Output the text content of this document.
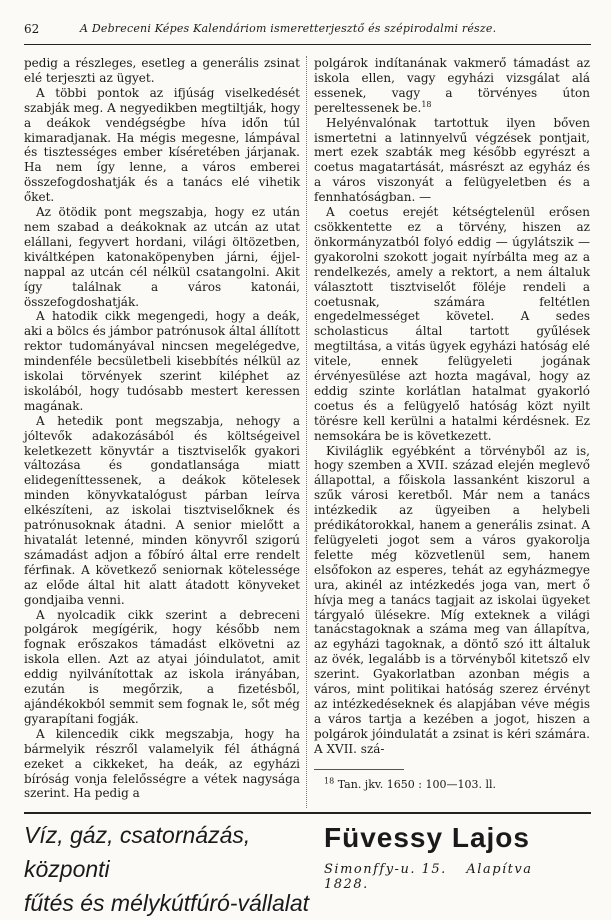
62	A Debreceni Képes Kalendáriom ismeretterjesztő és szépirodalmi része.

pedig a részleges, esetleg a generális zsinat elé terjeszti az ügyet.

A többi pontok az ifjúság viselkedését szabják meg. A negyedikben megtiltják, hogy a deákok vendégségbe híva időn túl kimaradjanak. Ha mégis megesne, lámpával és tisztességes ember kíséretében járjanak. Ha nem így lenne, a város emberei összefogdoshatják és a tanács elé vihetik őket.

Az ötödik pont megszabja, hogy ez után nem szabad a deákoknak az utcán az utat elállani, fegyvert hordani, világi öltözetben, kiváltképen katonaköpenyben járni, éjjel-nappal az utcán cél nélkül csatangolni. Akit így találnak a város katonái, összefogdoshatják.

A hatodik cikk megengedi, hogy a deák, aki a bölcs és jámbor patrónusok által állított rektor tudományával nincsen megelégedve, mindenféle becsületbeli kisebbítés nélkül az iskolai törvények szerint kiléphet az iskolából, hogy tudósabb mestert keressen magának.

A hetedik pont megszabja, nehogy a jóltevők adakozásából és költségeivel keletkezett könyvtár a tisztviselők gyakori változása és gondatlansága miatt elidegeníttessenek, a deákok kötelesek minden könyvkatalógust párban leírva elkészíteni, az iskolai tisztviselőknek és patrónusoknak átadni. A senior mielőtt a hivatalát letenné, minden könyvről szigorú számadást adjon a főbíró által erre rendelt férfinak. A következő seniornak kötelessége az előde által hit alatt átadott könyveket gondjaiba venni.

A nyolcadik cikk szerint a debreceni polgárok megígérik, hogy később nem fognak erőszakos támadást elkövetni az iskola ellen. Azt az atyai jóindulatot, amit eddig nyilvánítottak az iskola irányában, ezután is megőrzik, a fizetésből, ajándékokból semmit sem fognak le, sőt még gyarapítani fogják.

A kilencedik cikk megszabja, hogy ha bármelyik részről valamelyik fél áthágná ezeket a cikkeket, ha deák, az egyházi bíróság vonja felelősségre a vétek nagysága szerint. Ha pedig a

polgárok indítanának vakmerő támadást az iskola ellen, vagy egyházi vizsgálat alá essenek, vagy a törvényes úton pereltessenek be.$^{18}$

Helyénvalónak tartottuk ilyen bőven ismertetni a latinnyelvű végzések pontjait, mert ezek szabták meg később egyrészt a coetus magatartását, másrészt az egyház és a város viszonyát a felügyeletben és a fennhatóságban. —

A coetus erejét kétségtelenül erősen csökkentette ez a törvény, hiszen az önkormányzatból folyó eddig — úgylátszik — gyakorolni szokott jogait nyírbálta meg az a rendelkezés, amely a rektort, a nem általuk választott tisztviselőt föléje rendeli a coetusnak, számára feltétlen engedelmességet követel. A sedes scholasticus által tartott gyűlések megtiltása, a vitás ügyek egyházi hatóság elé vitele, ennek felügyeleti jogának érvényesülése azt hozta magával, hogy az eddig szinte korlátlan hatalmat gyakorló coetus és a felügyelő hatóság közt nyilt törésre kell kerülni a hatalmi kérdésnek. Ez nemsokára be is következett.

Kiviláglik egyébként a törvényből az is, hogy szemben a XVII. század elején meglevő állapottal, a főiskola lassanként kiszorul a szűk városi keretből. Már nem a tanács intézkedik az ügyeiben a helybeli prédikátorokkal, hanem a generális zsinat. A felügyeleti jogot sem a város gyakorolja felette még közvetlenül sem, hanem elsőfokon az esperes, tehát az egyházmegye ura, akinél az intézkedés joga van, mert ő hívja meg a tanács tagjait az iskolai ügyeket tárgyaló ülésekre. Míg exteknek a világi tanácstagoknak a száma meg van állapítva, az egyházi tagoknak, a döntő szó itt általuk az övék, legalább is a törvényből kitetsző elv szerint. Gyakorlatban azonban mégis a város, mint politikai hatóság szerez érvényt az intézkedéseknek és alapjában véve mégis a város tartja a kezében a jogot, hiszen a polgárok jóindulatát a zsinat is kéri számára. A XVII. szá-

$^{18}$ Tan. jkv. 1650 : 100—103. ll.

Víz, gáz, csatornázás, központi
fűtés és mélykútfúró-vállalat
Füvessy Lajos
Simonffy-u. 15. Alapítva 1828.
